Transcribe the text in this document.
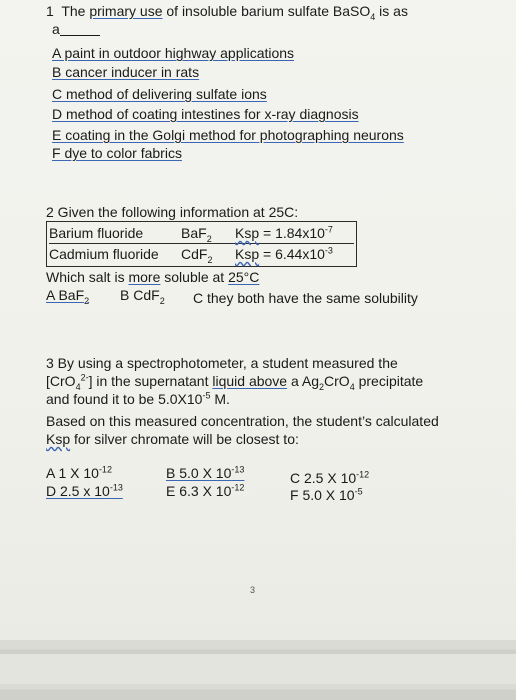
1 The primary use of insoluble barium sulfate BaSO$_4$ is as
a
A paint in outdoor highway applications
B cancer inducer in rats
C method of delivering sulfate ions
D method of coating intestines for x-ray diagnosis
E coating in the Golgi method for photographing neurons
F dye to color fabrics
2 Given the following information at 25C:
Barium fluoride	BaF$_2$ Ksp = $1.84x10^{-7}$
Cadmium fluoride CdF$_2$ Ksp = $6.44x10^{-3}$
Which salt is more soluble at 25°C
A BaF$_2$ B CdF$_2$ C they both have the same solubility
3 By using a spectrophotometer, a student measured the
[CrO$_4^{2-}$] in the supernatant liquid above a $Ag_2CrO_4$ precipitate
and found it to be $5.0X10^{-5}$ M.
Based on this measured concentration, the student’s calculated
Ksp for silver chromate will be closest to:
A 1 X $10^{-12}$	B 5.0 X $10^{-13}$
C 2.5 X $10^{-12}$
D 2.5 x $10^{-13}$	E 6.3 X $10^{-12}$	F 5.0 X $10^{-5}$
3
